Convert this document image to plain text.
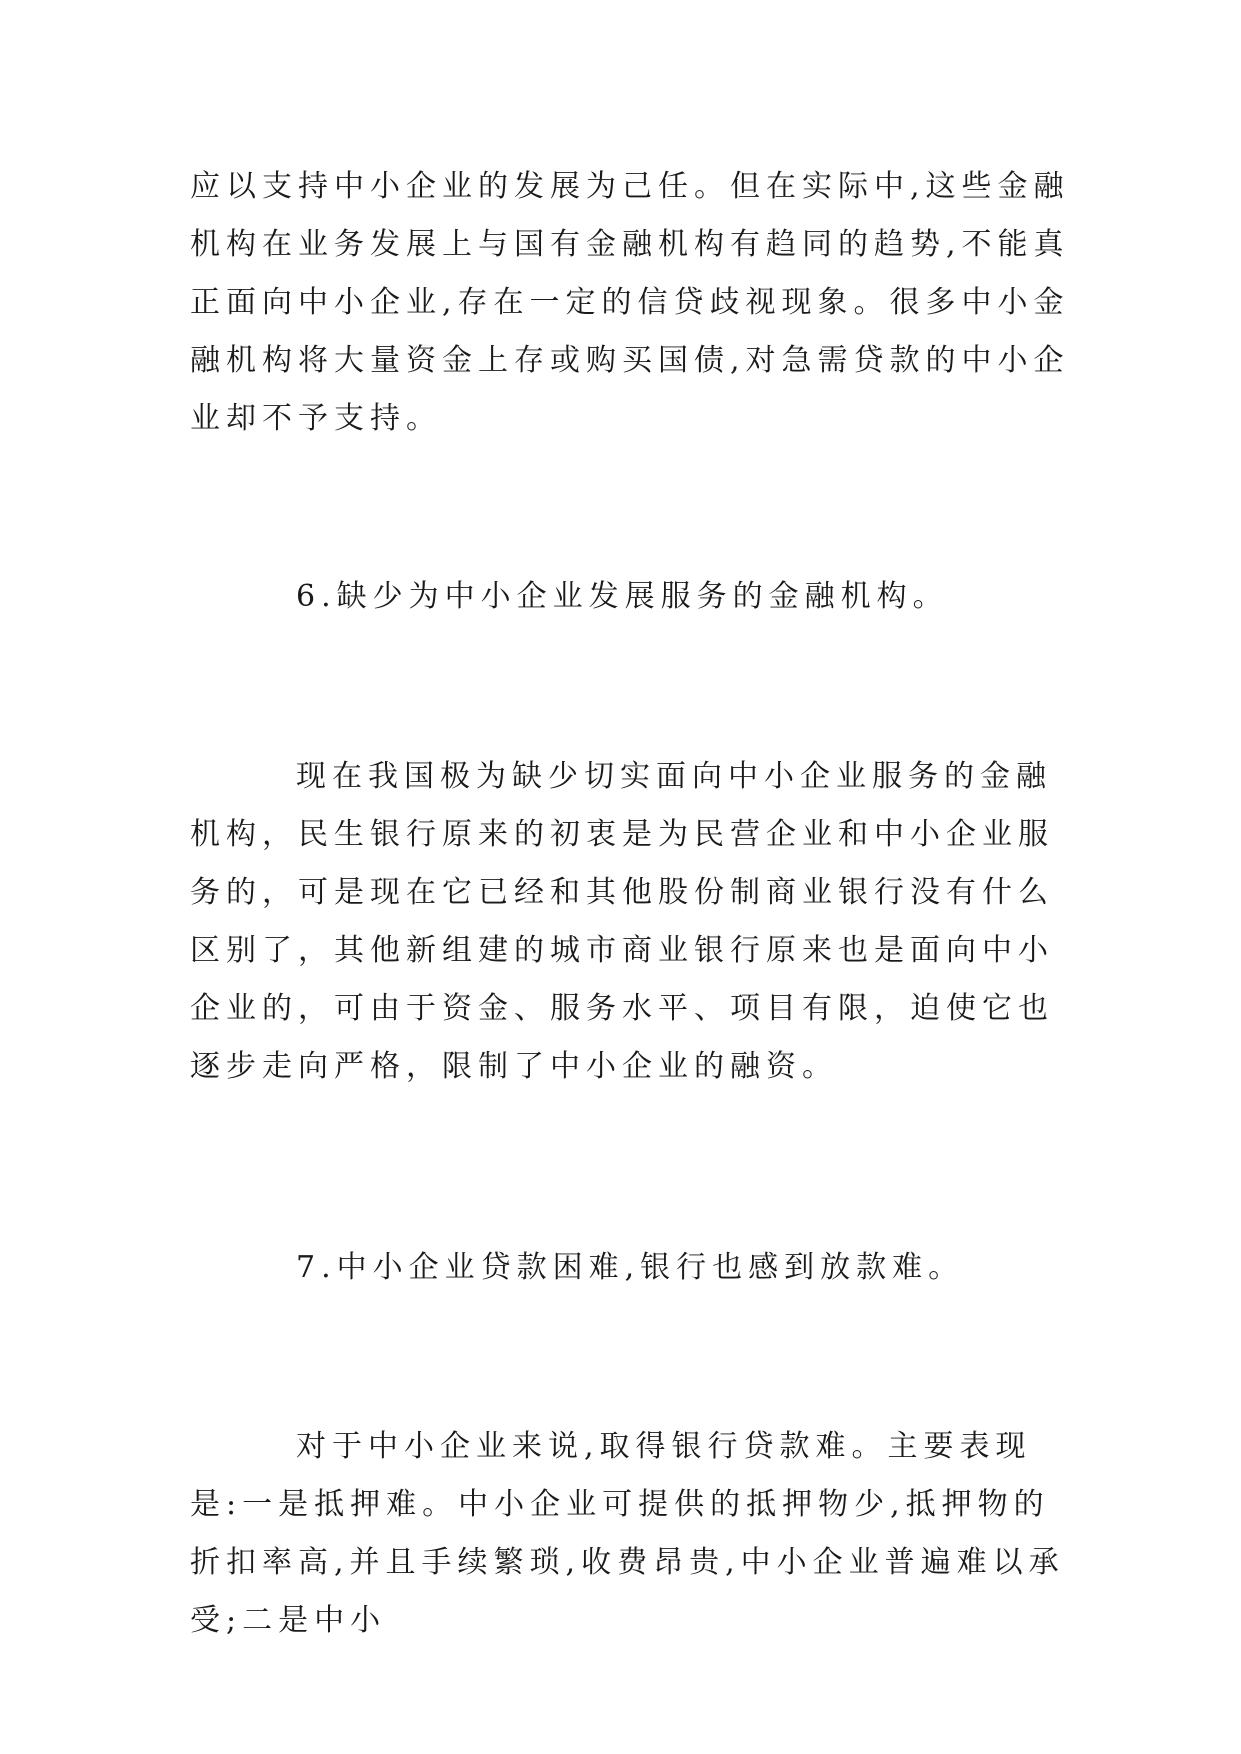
应以支持中小企业的发展为己任。但在实际中,这些金融机构在业务发展上与国有金融机构有趋同的趋势,不能真正面向中小企业,存在一定的信贷歧视现象。很多中小金融机构将大量资金上存或购买国债,对急需贷款的中小企业却不予支持。

6.缺少为中小企业发展服务的金融机构。

现在我国极为缺少切实面向中小企业服务的金融机构，民生银行原来的初衷是为民营企业和中小企业服务的，可是现在它已经和其他股份制商业银行没有什么区别了，其他新组建的城市商业银行原来也是面向中小企业的，可由于资金、服务水平、项目有限，迫使它也逐步走向严格，限制了中小企业的融资。

7.中小企业贷款困难,银行也感到放款难。

对于中小企业来说,取得银行贷款难。主要表现是:一是抵押难。中小企业可提供的抵押物少,抵押物的折扣率高,并且手续繁琐,收费昂贵,中小企业普遍难以承受;二是中小
